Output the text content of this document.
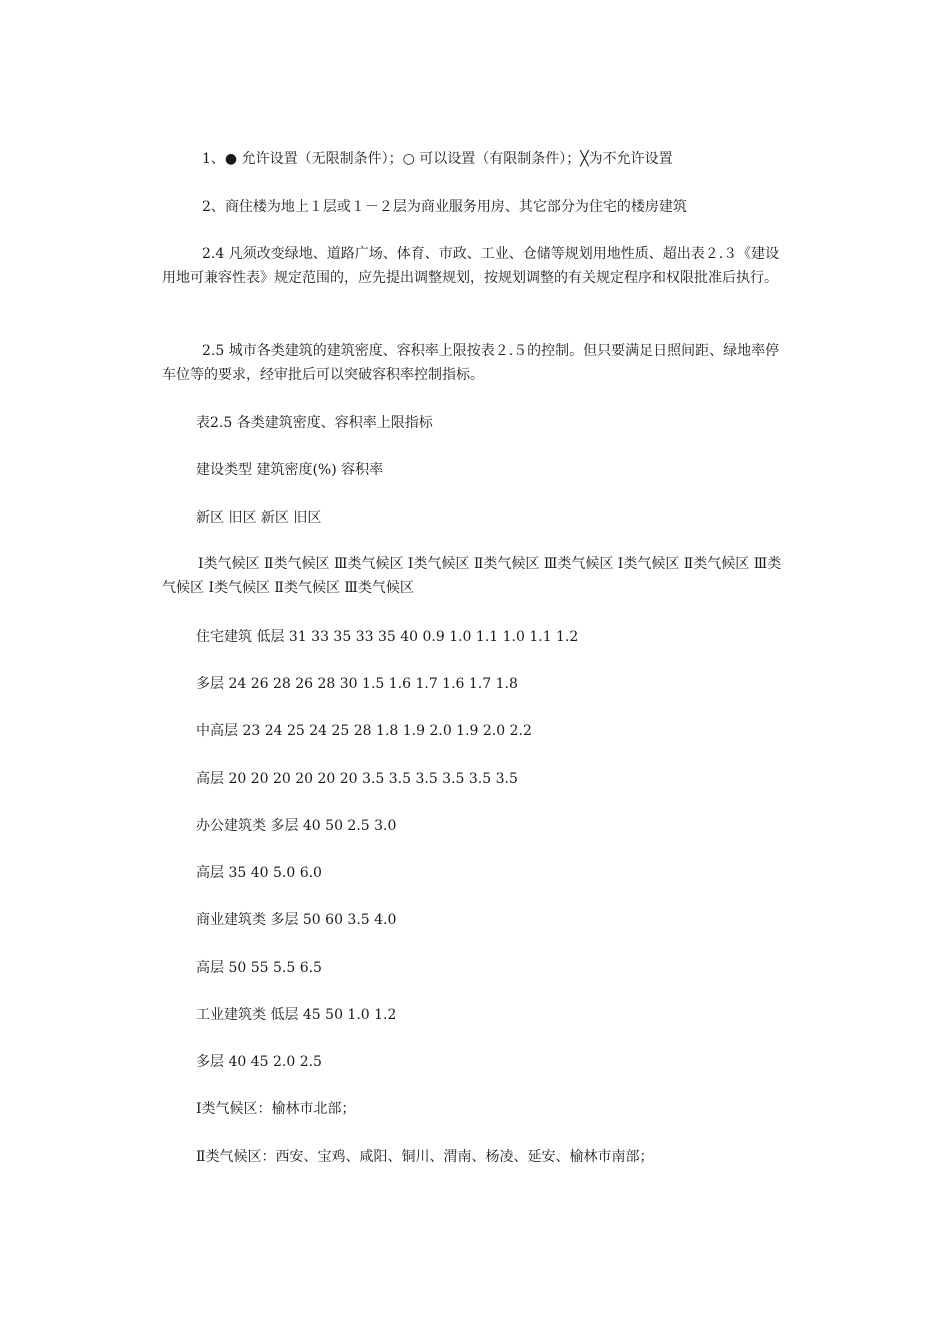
1、● 允许设置（无限制条件）；○ 可以设置（有限制条件）；╳为不允许设置

2、商住楼为地上１层或１－２层为商业服务用房、其它部分为住宅的楼房建筑

2.4 凡须改变绿地、道路广场、体育、市政、工业、仓储等规划用地性质、超出表２.３《建设用地可兼容性表》规定范围的，应先提出调整规划，按规划调整的有关规定程序和权限批准后执行。

2.5 城市各类建筑的建筑密度、容积率上限按表２.５的控制。但只要满足日照间距、绿地率停车位等的要求，经审批后可以突破容积率控制指标。

表2.5 各类建筑密度、容积率上限指标

建设类型 建筑密度(%) 容积率

新区 旧区 新区 旧区

Ⅰ类气候区 Ⅱ类气候区 Ⅲ类气候区 Ⅰ类气候区 Ⅱ类气候区 Ⅲ类气候区 Ⅰ类气候区 Ⅱ类气候区 Ⅲ类气候区 Ⅰ类气候区 Ⅱ类气候区 Ⅲ类气候区

住宅建筑 低层 31 33 35 33 35 40 0.9 1.0 1.1 1.0 1.1 1.2

多层 24 26 28 26 28 30 1.5 1.6 1.7 1.6 1.7 1.8

中高层 23 24 25 24 25 28 1.8 1.9 2.0 1.9 2.0 2.2

高层 20 20 20 20 20 20 3.5 3.5 3.5 3.5 3.5 3.5

办公建筑类 多层 40 50 2.5 3.0

高层 35 40 5.0 6.0

商业建筑类 多层 50 60 3.5 4.0

高层 50 55 5.5 6.5

工业建筑类 低层 45 50 1.0 1.2

多层 40 45 2.0 2.5

Ⅰ类气候区：榆林市北部；

Ⅱ类气候区：西安、宝鸡、咸阳、铜川、渭南、杨凌、延安、榆林市南部；
